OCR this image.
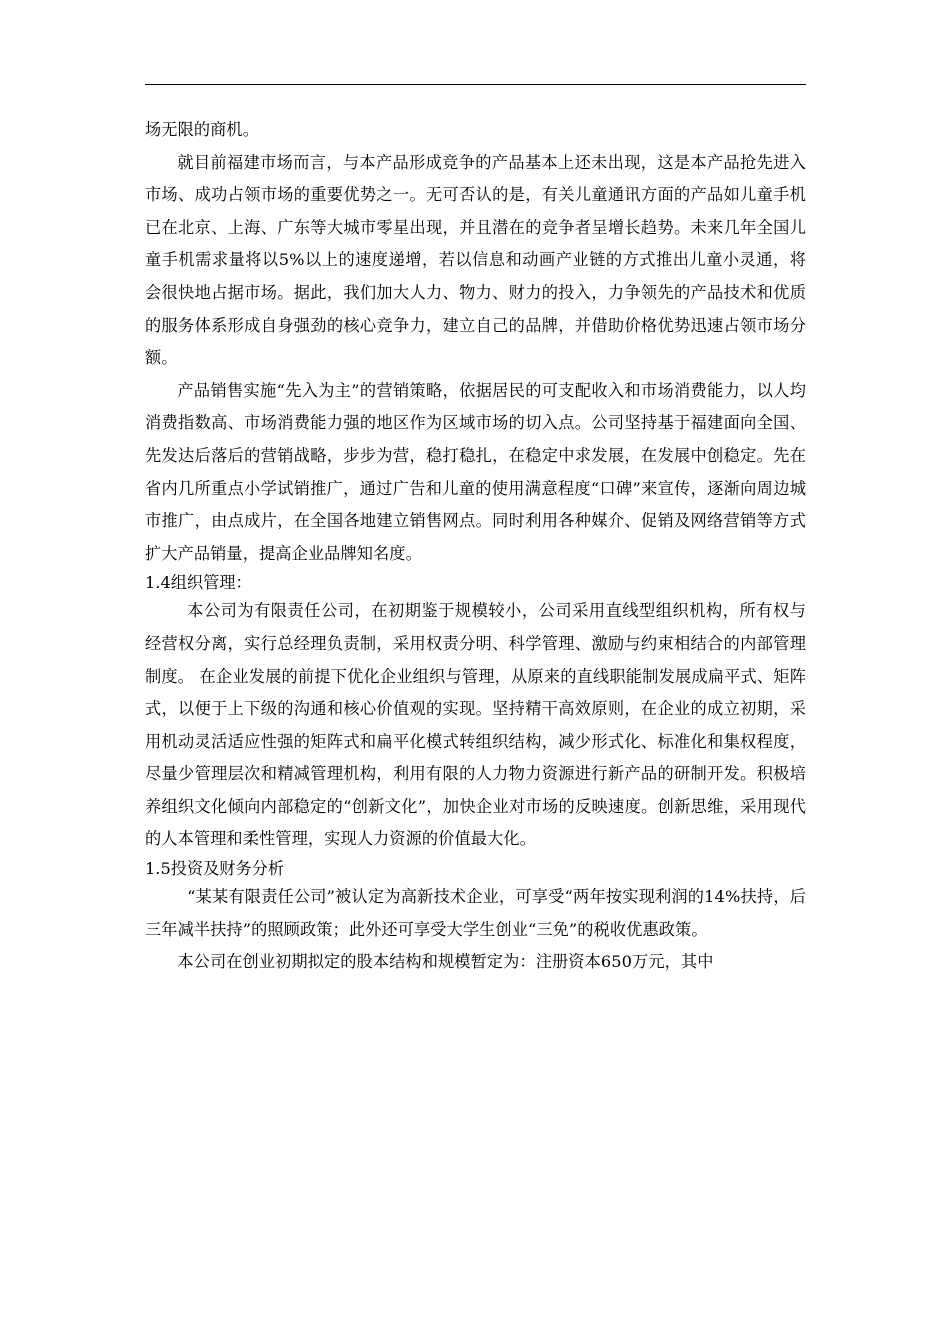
场无限的商机。

就目前福建市场而言，与本产品形成竞争的产品基本上还未出现，这是本产品抢先进入市场、成功占领市场的重要优势之一。无可否认的是，有关儿童通讯方面的产品如儿童手机已在北京、上海、广东等大城市零星出现，并且潜在的竞争者呈增长趋势。未来几年全国儿童手机需求量将以5%以上的速度递增，若以信息和动画产业链的方式推出儿童小灵通，将会很快地占据市场。据此，我们加大人力、物力、财力的投入，力争领先的产品技术和优质的服务体系形成自身强劲的核心竞争力，建立自己的品牌，并借助价格优势迅速占领市场分额。

产品销售实施“先入为主”的营销策略，依据居民的可支配收入和市场消费能力，以人均消费指数高、市场消费能力强的地区作为区域市场的切入点。公司坚持基于福建面向全国、先发达后落后的营销战略，步步为营，稳打稳扎，在稳定中求发展，在发展中创稳定。先在省内几所重点小学试销推广，通过广告和儿童的使用满意程度“口碑”来宣传，逐渐向周边城市推广，由点成片，在全国各地建立销售网点。同时利用各种媒介、促销及网络营销等方式扩大产品销量，提高企业品牌知名度。

1.4组织管理：

本公司为有限责任公司，在初期鉴于规模较小，公司采用直线型组织机构，所有权与经营权分离，实行总经理负责制，采用权责分明、科学管理、激励与约束相结合的内部管理制度。 在企业发展的前提下优化企业组织与管理，从原来的直线职能制发展成扁平式、矩阵式，以便于上下级的沟通和核心价值观的实现。坚持精干高效原则，在企业的成立初期，采用机动灵活适应性强的矩阵式和扁平化模式转组织结构，减少形式化、标准化和集权程度，尽量少管理层次和精减管理机构，利用有限的人力物力资源进行新产品的研制开发。积极培养组织文化倾向内部稳定的“创新文化”，加快企业对市场的反映速度。创新思维，采用现代的人本管理和柔性管理，实现人力资源的价值最大化。

1.5投资及财务分析

“某某有限责任公司”被认定为高新技术企业，可享受“两年按实现利润的14%扶持，后三年减半扶持”的照顾政策；此外还可享受大学生创业“三免”的税收优惠政策。

本公司在创业初期拟定的股本结构和规模暂定为：注册资本650万元，其中
